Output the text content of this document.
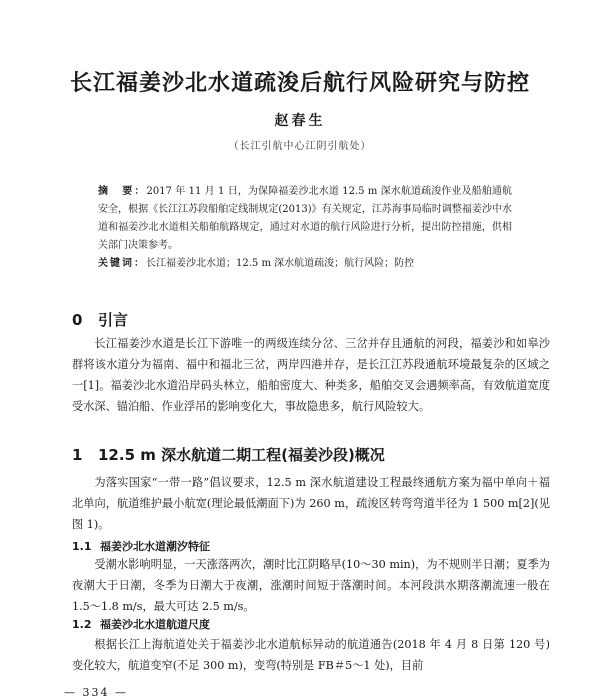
长江福姜沙北水道疏浚后航行风险研究与防控
赵春生
（长江引航中心江阴引航处）

摘　要：2017 年 11 月 1 日，为保障福姜沙北水道 12.5 m 深水航道疏浚作业及船舶通航安全，根据《长江江苏段船舶定线制规定(2013)》有关规定，江苏海事局临时调整福姜沙中水道和福姜沙北水道相关船舶航路规定，通过对水道的航行风险进行分析，提出防控措施，供相关部门决策参考。

关键词：长江福姜沙北水道；12.5 m 深水航道疏浚；航行风险；防控

0 引言

长江福姜沙水道是长江下游唯一的两级连续分岔、三岔并存且通航的河段，福姜沙和如皋沙群将该水道分为福南、福中和福北三岔，两岸四港并存，是长江江苏段通航环境最复杂的区域之一[1]。福姜沙北水道沿岸码头林立，船舶密度大、种类多，船舶交叉会遇频率高，有效航道宽度受水深、锚泊船、作业浮吊的影响变化大，事故隐患多，航行风险较大。

1 12.5 m 深水航道二期工程(福姜沙段)概况

为落实国家“一带一路”倡议要求，12.5 m 深水航道建设工程最终通航方案为福中单向＋福北单向，航道维护最小航宽(理论最低潮面下)为 260 m，疏浚区转弯弯道半径为 1 500 m[2](见图 1)。

1.1 福姜沙北水道潮汐特征

受潮水影响明显，一天涨落两次，潮时比江阴略早(10～30 min)，为不规则半日潮；夏季为夜潮大于日潮，冬季为日潮大于夜潮，涨潮时间短于落潮时间。本河段洪水期落潮流速一般在 1.5～1.8 m/s，最大可达 2.5 m/s。

1.2 福姜沙北水道航道尺度

根据长江上海航道处关于福姜沙北水道航标异动的航道通告(2018 年 4 月 8 日第 120 号)变化较大，航道变窄(不足 300 m)，变弯(特别是 FB＃5～1 处)，目前

— 334 —
